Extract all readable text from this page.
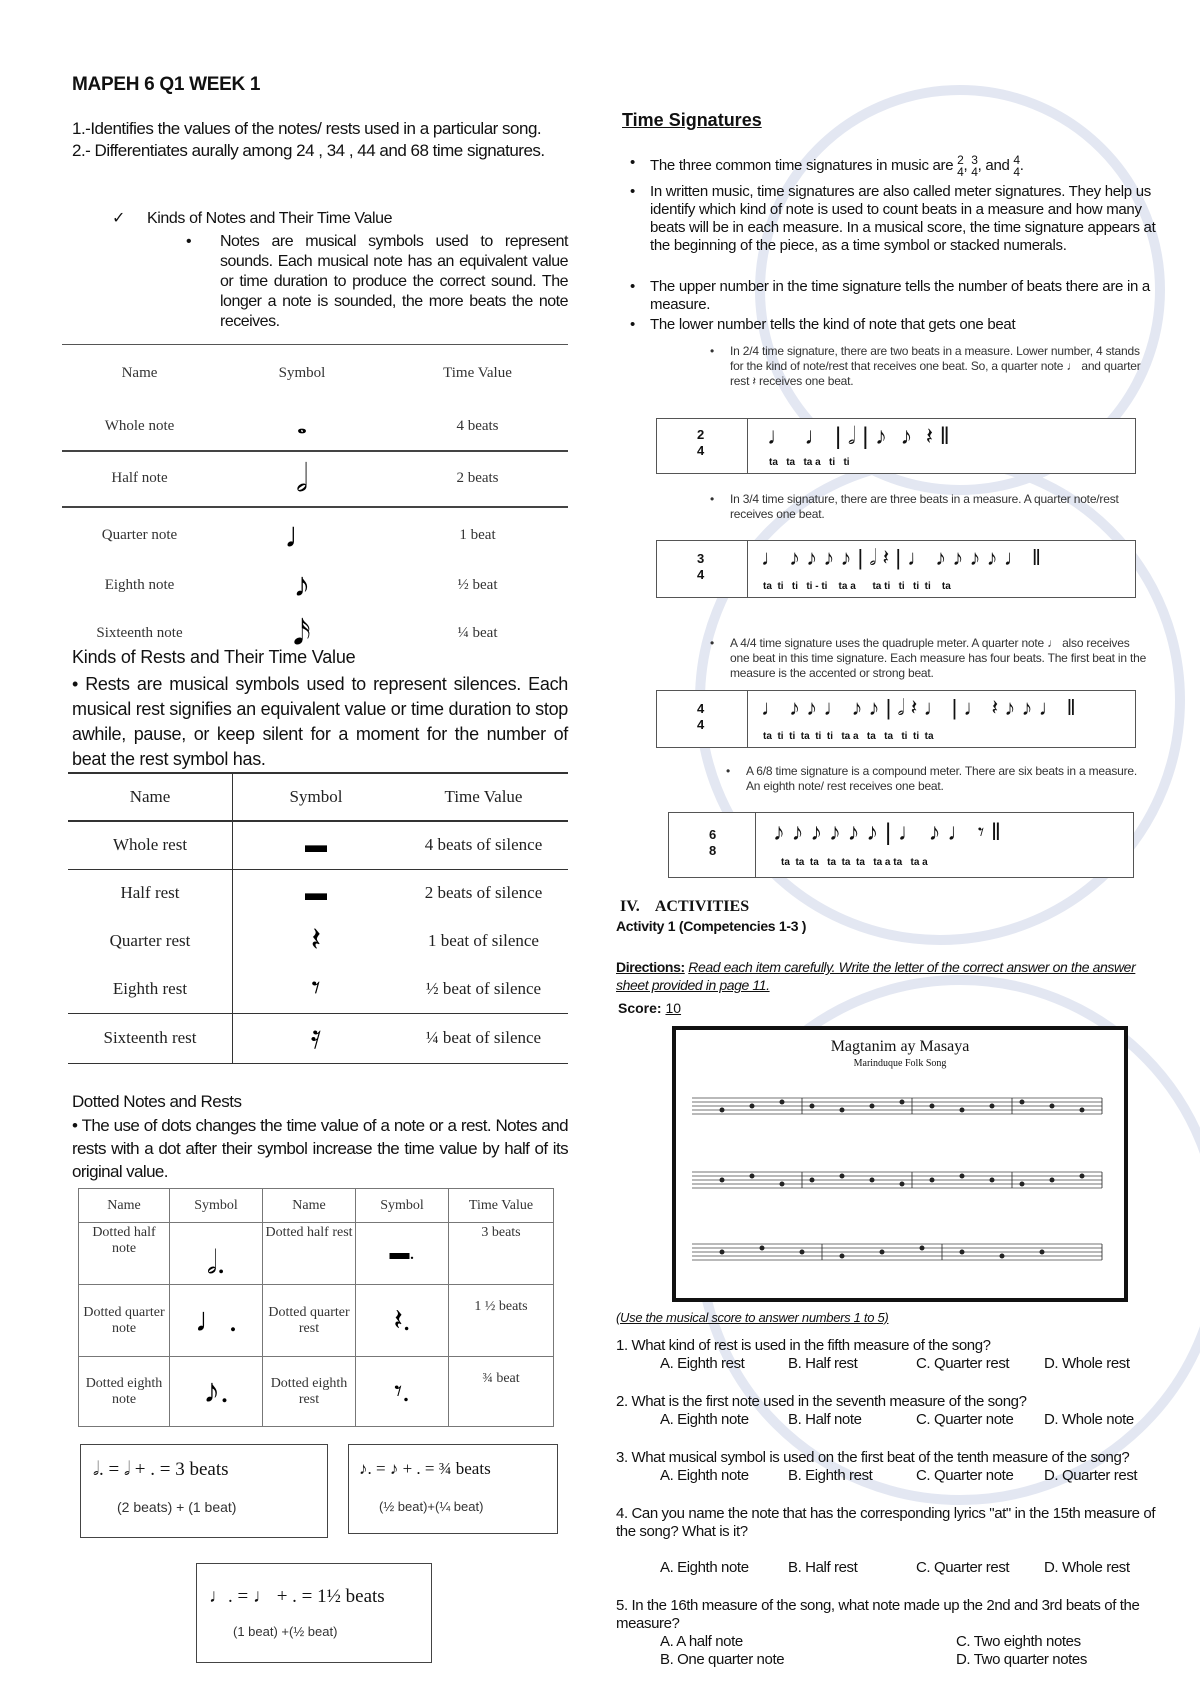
MAPEH 6 Q1 WEEK 1
1.-Identifies the values of the notes/ rests used in a particular song.
2.- Differentiates aurally among 24 , 34 , 44 and 68 time signatures.
✓ Kinds of Notes and Their Time Value
• Notes are musical symbols used to represent sounds. Each musical note has an equivalent value or time duration to produce the correct sound. The longer a note is sounded, the more beats the note receives.
Name	Symbol	Time Value
Whole note	𝅝	4 beats
Half note	𝅗𝅥	2 beats
Quarter note	♩	1 beat
Eighth note	♪	½ beat
Sixteenth note	𝅘𝅥𝅯	¼ beat
Kinds of Rests and Their Time Value
• Rests are musical symbols used to represent silences. Each musical rest signifies an equivalent value or time duration to stop awhile, pause, or keep silent for a moment for the number of beat the rest symbol has.
Name	Symbol	Time Value
Whole rest	▬	4 beats of silence
Half rest	▬	2 beats of silence
Quarter rest	𝄽	1 beat of silence
Eighth rest	𝄾	½ beat of silence
Sixteenth rest	𝄿	¼ beat of silence
Dotted Notes and Rests
• The use of dots changes the time value of a note or a rest. Notes and rests with a dot after their symbol increase the time value by half of its original value.
Name	Symbol	Name	Symbol	Time Value
Dotted half note	𝅗𝅥.	Dotted half rest	▬.	3 beats
Dotted quarter note	♩.	Dotted quarter rest	𝄽.	1 ½ beats
Dotted eighth note	♪.	Dotted eighth rest	𝄾.	¾ beat
𝅗𝅥. = 𝅗𝅥 + . = 3 beats
(2 beats) + (1 beat)
♪. = ♪ + . = ¾ beats
(½ beat)+(¼ beat)
♩. = ♩ + . = 1½ beats
(1 beat) +(½ beat)
Time Signatures
• The three common time signatures in music are 2
4, 3
4, and 4
4.
• In written music, time signatures are also called meter signatures. They help us identify which kind of note is used to count beats in a measure and how many beats will be in each measure. In a musical score, the time signature appears at the beginning of the piece, as a time symbol or stacked numerals.
• The upper number in the time signature tells the number of beats there are in a measure.
• The lower number tells the kind of note that gets one beat
• In 2/4 time signature, there are two beats in a measure. Lower number, 4 stands for the kind of note/rest that receives one beat. So, a quarter note ♩ and quarter rest 𝄽 receives one beat.
2
4
♩  ♩ | 𝅗𝅥 | ♪  ♪  𝄽 ‖
ta   ta   ta a   ti   ti
• In 3/4 time signature, there are three beats in a measure. A quarter note/rest receives one beat.
3
4
♩ ♪ ♪ ♪ ♪ | 𝅗𝅥 𝄽 | ♩ ♪ ♪ ♪ ♪ ♩ ‖
ta  ti   ti   ti - ti    ta a      ta ti   ti   ti  ti    ta
• A 4/4 time signature uses the quadruple meter. A quarter note ♩ also receives one beat in this time signature. Each measure has four beats. The first beat in the measure is the accented or strong beat.
4
4
♩ ♪ ♪ ♩ ♪ ♪ | 𝅗𝅥 𝄽 ♩ | ♩ 𝄽 ♪ ♪ ♩ ‖
ta  ti  ti  ta  ti  ti   ta a   ta   ta   ti  ti  ta
• A 6/8 time signature is a compound meter. There are six beats in a measure. An eighth note/ rest receives one beat.
6
8
♪ ♪ ♪ ♪ ♪ ♪ | ♩ ♪ ♩ 𝄾 ‖
ta  ta  ta   ta  ta  ta   ta a ta   ta a
IV.    ACTIVITIES
Activity 1 (Competencies 1-3 )
Directions: Read each item carefully. Write the letter of the correct answer on the answer sheet provided in page 11.
Score: 10
Magtanim ay Masaya
Marinduque Folk Song
(Use the musical score to answer numbers 1 to 5)
1. What kind of rest is used in the fifth measure of the song?
A. Eighth rest	B. Half rest	C. Quarter rest D. Whole rest
2. What is the first note used in the seventh measure of the song?
A. Eighth note	B. Half note	C. Quarter note D. Whole note
3. What musical symbol is used on the first beat of the tenth measure of the song?
A. Eighth note	B. Eighth rest	C. Quarter note D. Quarter rest
4. Can you name the note that has the corresponding lyrics "at" in the 15th measure of the song? What is it?
A. Eighth note	B. Half rest	C. Quarter rest D. Whole rest
5. In the 16th measure of the song, what note made up the 2nd and 3rd beats of the measure?
A. A half note	C. Two eighth notes
B. One quarter note	D. Two quarter notes
